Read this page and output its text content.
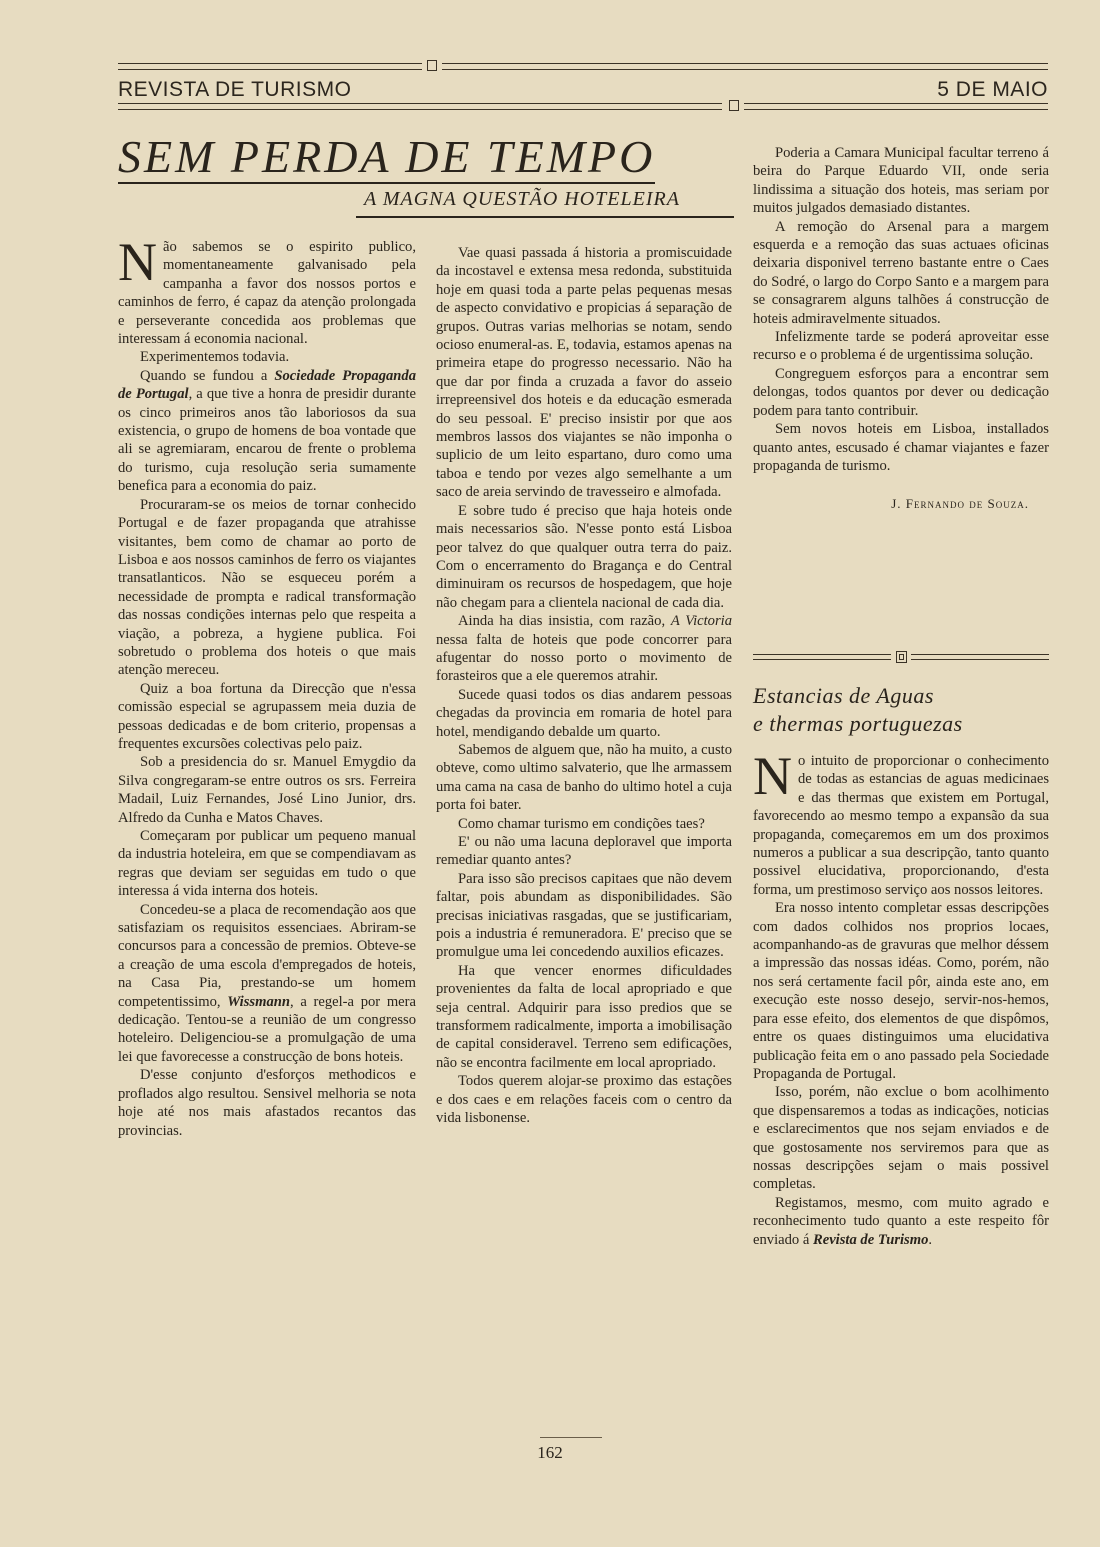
REVISTA DE TURISMO	5 DE MAIO
SEM PERDA DE TEMPO
A MAGNA QUESTÃO HOTELEIRA

Não sabemos se o espirito publico, momentaneamente galvanisado pela campanha a favor dos nossos portos e caminhos de ferro, é capaz da atenção prolongada e perseverante concedida aos problemas que interessam á economia nacional.

Experimentemos todavia.

Quando se fundou a Sociedade Propaganda de Portugal, a que tive a honra de presidir durante os cinco primeiros anos tão laboriosos da sua existencia, o grupo de homens de boa vontade que ali se agremiaram, encarou de frente o problema do turismo, cuja resolução seria sumamente benefica para a economia do paiz.

Procuraram-se os meios de tornar conhecido Portugal e de fazer propaganda que atrahisse visitantes, bem como de chamar ao porto de Lisboa e aos nossos caminhos de ferro os viajantes transatlanticos. Não se esqueceu porém a necessidade de prompta e radical transformação das nossas condições internas pelo que respeita a viação, a pobreza, a hygiene publica. Foi sobretudo o problema dos hoteis o que mais atenção mereceu.

Quiz a boa fortuna da Direcção que n'essa comissão especial se agrupassem meia duzia de pessoas dedicadas e de bom criterio, propensas a frequentes excursões colectivas pelo paiz.

Sob a presidencia do sr. Manuel Emygdio da Silva congregaram-se entre outros os srs. Ferreira Madail, Luiz Fernandes, José Lino Junior, drs. Alfredo da Cunha e Matos Chaves.

Começaram por publicar um pequeno manual da industria hoteleira, em que se compendiavam as regras que deviam ser seguidas em tudo o que interessa á vida interna dos hoteis.

Concedeu-se a placa de recomendação aos que satisfaziam os requisitos essenciaes. Abriram-se concursos para a concessão de premios. Obteve-se a creação de uma escola d'empregados de hoteis, na Casa Pia, prestando-se um homem competentissimo, Wissmann, a regel-a por mera dedicação. Tentou-se a reunião de um congresso hoteleiro. Deligenciou-se a promulgação de uma lei que favorecesse a construcção de bons hoteis.

D'esse conjunto d'esforços methodicos e proflados algo resultou. Sensivel melhoria se nota hoje até nos mais afastados recantos das provincias.

Vae quasi passada á historia a promiscuidade da incostavel e extensa mesa redonda, substituida hoje em quasi toda a parte pelas pequenas mesas de aspecto convidativo e propicias á separação de grupos. Outras varias melhorias se notam, sendo ocioso enumeral-as. E, todavia, estamos apenas na primeira etape do progresso necessario. Não ha que dar por finda a cruzada a favor do asseio irrepreensivel dos hoteis e da educação esmerada do seu pessoal. E' preciso insistir por que aos membros lassos dos viajantes se não imponha o suplicio de um leito espartano, duro como uma taboa e tendo por vezes algo semelhante a um saco de areia servindo de travesseiro e almofada.

E sobre tudo é preciso que haja hoteis onde mais necessarios são. N'esse ponto está Lisboa peor talvez do que qualquer outra terra do paiz. Com o encerramento do Bragança e do Central diminuiram os recursos de hospedagem, que hoje não chegam para a clientela nacional de cada dia.

Ainda ha dias insistia, com razão, A Victoria nessa falta de hoteis que pode concorrer para afugentar do nosso porto o movimento de forasteiros que a ele queremos atrahir.

Sucede quasi todos os dias andarem pessoas chegadas da provincia em romaria de hotel para hotel, mendigando debalde um quarto.

Sabemos de alguem que, não ha muito, a custo obteve, como ultimo salvaterio, que lhe armassem uma cama na casa de banho do ultimo hotel a cuja porta foi bater.

Como chamar turismo em condições taes?

E' ou não uma lacuna deploravel que importa remediar quanto antes?

Para isso são precisos capitaes que não devem faltar, pois abundam as disponibilidades. São precisas iniciativas rasgadas, que se justificariam, pois a industria é remuneradora. E' preciso que se promulgue uma lei concedendo auxilios eficazes.

Ha que vencer enormes dificuldades provenientes da falta de local apropriado e que seja central. Adquirir para isso predios que se transformem radicalmente, importa a imobilisação de capital consideravel. Terreno sem edificações, não se encontra facilmente em local apropriado.

Todos querem alojar-se proximo das estações e dos caes e em relações faceis com o centro da vida lisbonense.

Poderia a Camara Municipal facultar terreno á beira do Parque Eduardo VII, onde seria lindissima a situação dos hoteis, mas seriam por muitos julgados demasiado distantes.

A remoção do Arsenal para a margem esquerda e a remoção das suas actuaes oficinas deixaria disponivel terreno bastante entre o Caes do Sodré, o largo do Corpo Santo e a margem para se consagrarem alguns talhões á construcção de hoteis admiravelmente situados.

Infelizmente tarde se poderá aproveitar esse recurso e o problema é de urgentissima solução.

Congreguem esforços para a encontrar sem delongas, todos quantos por dever ou dedicação podem para tanto contribuir.

Sem novos hoteis em Lisboa, installados quanto antes, escusado é chamar viajantes e fazer propaganda de turismo.

J. Fernando de Souza.
Estancias de Aguas
e thermas portuguezas

No intuito de proporcionar o conhecimento de todas as estancias de aguas medicinaes e das thermas que existem em Portugal, favorecendo ao mesmo tempo a expansão da sua propaganda, começaremos em um dos proximos numeros a publicar a sua descripção, tanto quanto possivel elucidativa, proporcionando, d'esta forma, um prestimoso serviço aos nossos leitores.

Era nosso intento completar essas descripções com dados colhidos nos proprios locaes, acompanhando-as de gravuras que melhor déssem a impressão das nossas idéas. Como, porém, não nos será certamente facil pôr, ainda este ano, em execução este nosso desejo, servir-nos-hemos, para esse efeito, dos elementos de que dispômos, entre os quaes distinguimos uma elucidativa publicação feita em o ano passado pela Sociedade Propaganda de Portugal.

Isso, porém, não exclue o bom acolhimento que dispensaremos a todas as indicações, noticias e esclarecimentos que nos sejam enviados e de que gostosamente nos serviremos para que as nossas descripções sejam o mais possivel completas.

Registamos, mesmo, com muito agrado e reconhecimento tudo quanto a este respeito fôr enviado á Revista de Turismo.

162
